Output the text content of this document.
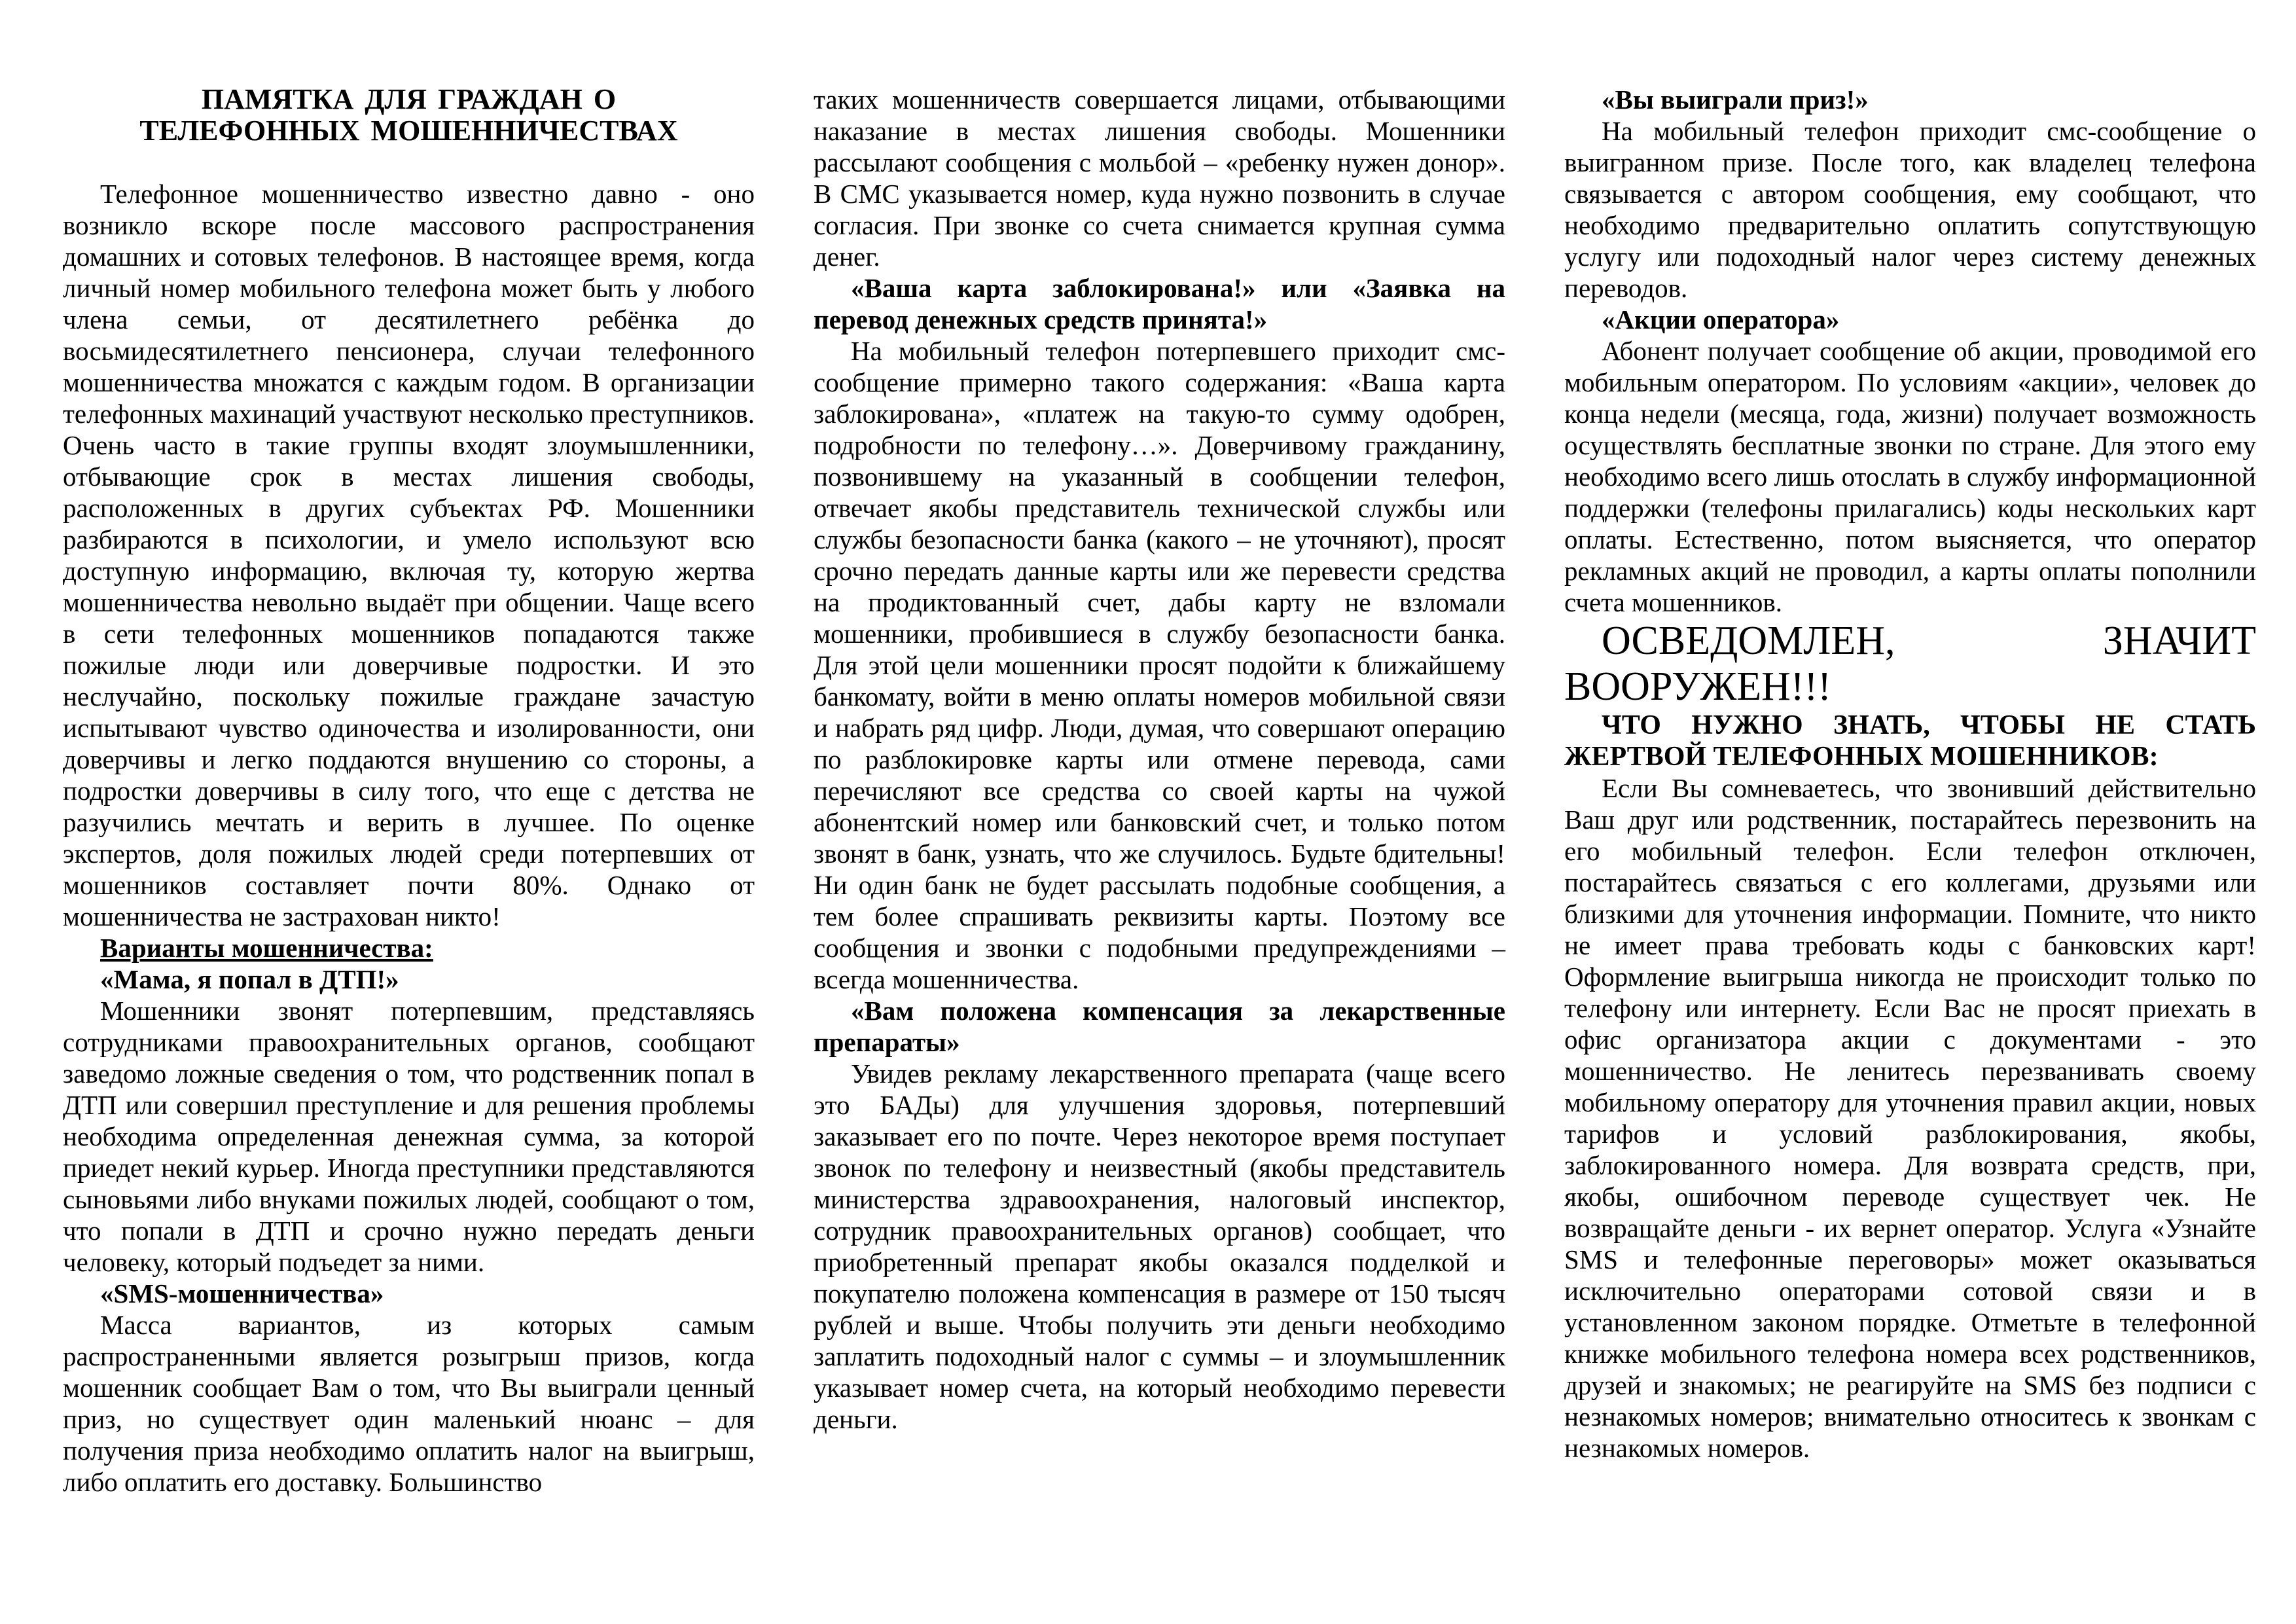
ПАМЯТКА ДЛЯ ГРАЖДАН О
ТЕЛЕФОННЫХ МОШЕННИЧЕСТВАХ

Телефонное мошенничество известно давно - оно возникло вскоре после массового распространения домашних и сотовых телефонов. В настоящее время, когда личный номер мобильного телефона может быть у любого члена семьи, от десятилетнего ребёнка до восьмидесятилетнего пенсионера, случаи телефонного мошенничества множатся с каждым годом. В организации телефонных махинаций участвуют несколько преступников. Очень часто в такие группы входят злоумышленники, отбывающие срок в местах лишения свободы, расположенных в других субъектах РФ. Мошенники разбираются в психологии, и умело используют всю доступную информацию, включая ту, которую жертва мошенничества невольно выдаёт при общении. Чаще всего в сети телефонных мошенников попадаются также пожилые люди или доверчивые подростки. И это неслучайно, поскольку пожилые граждане зачастую испытывают чувство одиночества и изолированности, они доверчивы и легко поддаются внушению со стороны, а подростки доверчивы в силу того, что еще с детства не разучились мечтать и верить в лучшее. По оценке экспертов, доля пожилых людей среди потерпевших от мошенников составляет почти 80%. Однако от мошенничества не застрахован никто!

Варианты мошенничества:

«Мама, я попал в ДТП!»

Мошенники звонят потерпевшим, представляясь сотрудниками правоохранительных органов, сообщают заведомо ложные сведения о том, что родственник попал в ДТП или совершил преступление и для решения проблемы необходима определенная денежная сумма, за которой приедет некий курьер. Иногда преступники представляются сыновьями либо внуками пожилых людей, сообщают о том, что попали в ДТП и срочно нужно передать деньги человеку, который подъедет за ними.

«SMS-мошенничества»

Масса вариантов, из которых самым распространенными является розыгрыш призов, когда мошенник сообщает Вам о том, что Вы выиграли ценный приз, но существует один маленький нюанс – для получения приза необходимо оплатить налог на выигрыш, либо оплатить его доставку. Большинство

таких мошенничеств совершается лицами, отбывающими наказание в местах лишения свободы. Мошенники рассылают сообщения с мольбой – «ребенку нужен донор». В СМС указывается номер, куда нужно позвонить в случае согласия. При звонке со счета снимается крупная сумма денег.

«Ваша карта заблокирована!» или «Заявка на перевод денежных средств принята!»

На мобильный телефон потерпевшего приходит смс-сообщение примерно такого содержания: «Ваша карта заблокирована», «платеж на такую-то сумму одобрен, подробности по телефону…». Доверчивому гражданину, позвонившему на указанный в сообщении телефон, отвечает якобы представитель технической службы или службы безопасности банка (какого – не уточняют), просят срочно передать данные карты или же перевести средства на продиктованный счет, дабы карту не взломали мошенники, пробившиеся в службу безопасности банка. Для этой цели мошенники просят подойти к ближайшему банкомату, войти в меню оплаты номеров мобильной связи и набрать ряд цифр. Люди, думая, что совершают операцию по разблокировке карты или отмене перевода, сами перечисляют все средства со своей карты на чужой абонентский номер или банковский счет, и только потом звонят в банк, узнать, что же случилось. Будьте бдительны! Ни один банк не будет рассылать подобные сообщения, а тем более спрашивать реквизиты карты. Поэтому все сообщения и звонки с подобными предупреждениями – всегда мошенничества.

«Вам положена компенсация за лекарственные препараты»

Увидев рекламу лекарственного препарата (чаще всего это БАДы) для улучшения здоровья, потерпевший заказывает его по почте. Через некоторое время поступает звонок по телефону и неизвестный (якобы представитель министерства здравоохранения, налоговый инспектор, сотрудник правоохранительных органов) сообщает, что приобретенный препарат якобы оказался подделкой и покупателю положена компенсация в размере от 150 тысяч рублей и выше. Чтобы получить эти деньги необходимо заплатить подоходный налог с суммы – и злоумышленник указывает номер счета, на который необходимо перевести деньги.

«Вы выиграли приз!»

На мобильный телефон приходит смс-сообщение о выигранном призе. После того, как владелец телефона связывается с автором сообщения, ему сообщают, что необходимо предварительно оплатить сопутствующую услугу или подоходный налог через систему денежных переводов.

«Акции оператора»

Абонент получает сообщение об акции, проводимой его мобильным оператором. По условиям «акции», человек до конца недели (месяца, года, жизни) получает возможность осуществлять бесплатные звонки по стране. Для этого ему необходимо всего лишь отослать в службу информационной поддержки (телефоны прилагались) коды нескольких карт оплаты. Естественно, потом выясняется, что оператор рекламных акций не проводил, а карты оплаты пополнили счета мошенников.

ОСВЕДОМЛЕН, ЗНАЧИТ ВООРУЖЕН!!!

ЧТО НУЖНО ЗНАТЬ, ЧТОБЫ НЕ СТАТЬ ЖЕРТВОЙ ТЕЛЕФОННЫХ МОШЕННИКОВ:

Если Вы сомневаетесь, что звонивший действительно Ваш друг или родственник, постарайтесь перезвонить на его мобильный телефон. Если телефон отключен, постарайтесь связаться с его коллегами, друзьями или близкими для уточнения информации. Помните, что никто не имеет права требовать коды с банковских карт! Оформление выигрыша никогда не происходит только по телефону или интернету. Если Вас не просят приехать в офис организатора акции с документами - это мошенничество. Не ленитесь перезванивать своему мобильному оператору для уточнения правил акции, новых тарифов и условий разблокирования, якобы, заблокированного номера. Для возврата средств, при, якобы, ошибочном переводе существует чек. Не возвращайте деньги - их вернет оператор. Услуга «Узнайте SMS и телефонные переговоры» может оказываться исключительно операторами сотовой связи и в установленном законом порядке. Отметьте в телефонной книжке мобильного телефона номера всех родственников, друзей и знакомых; не реагируйте на SMS без подписи с незнакомых номеров; внимательно относитесь к звонкам с незнакомых номеров.
